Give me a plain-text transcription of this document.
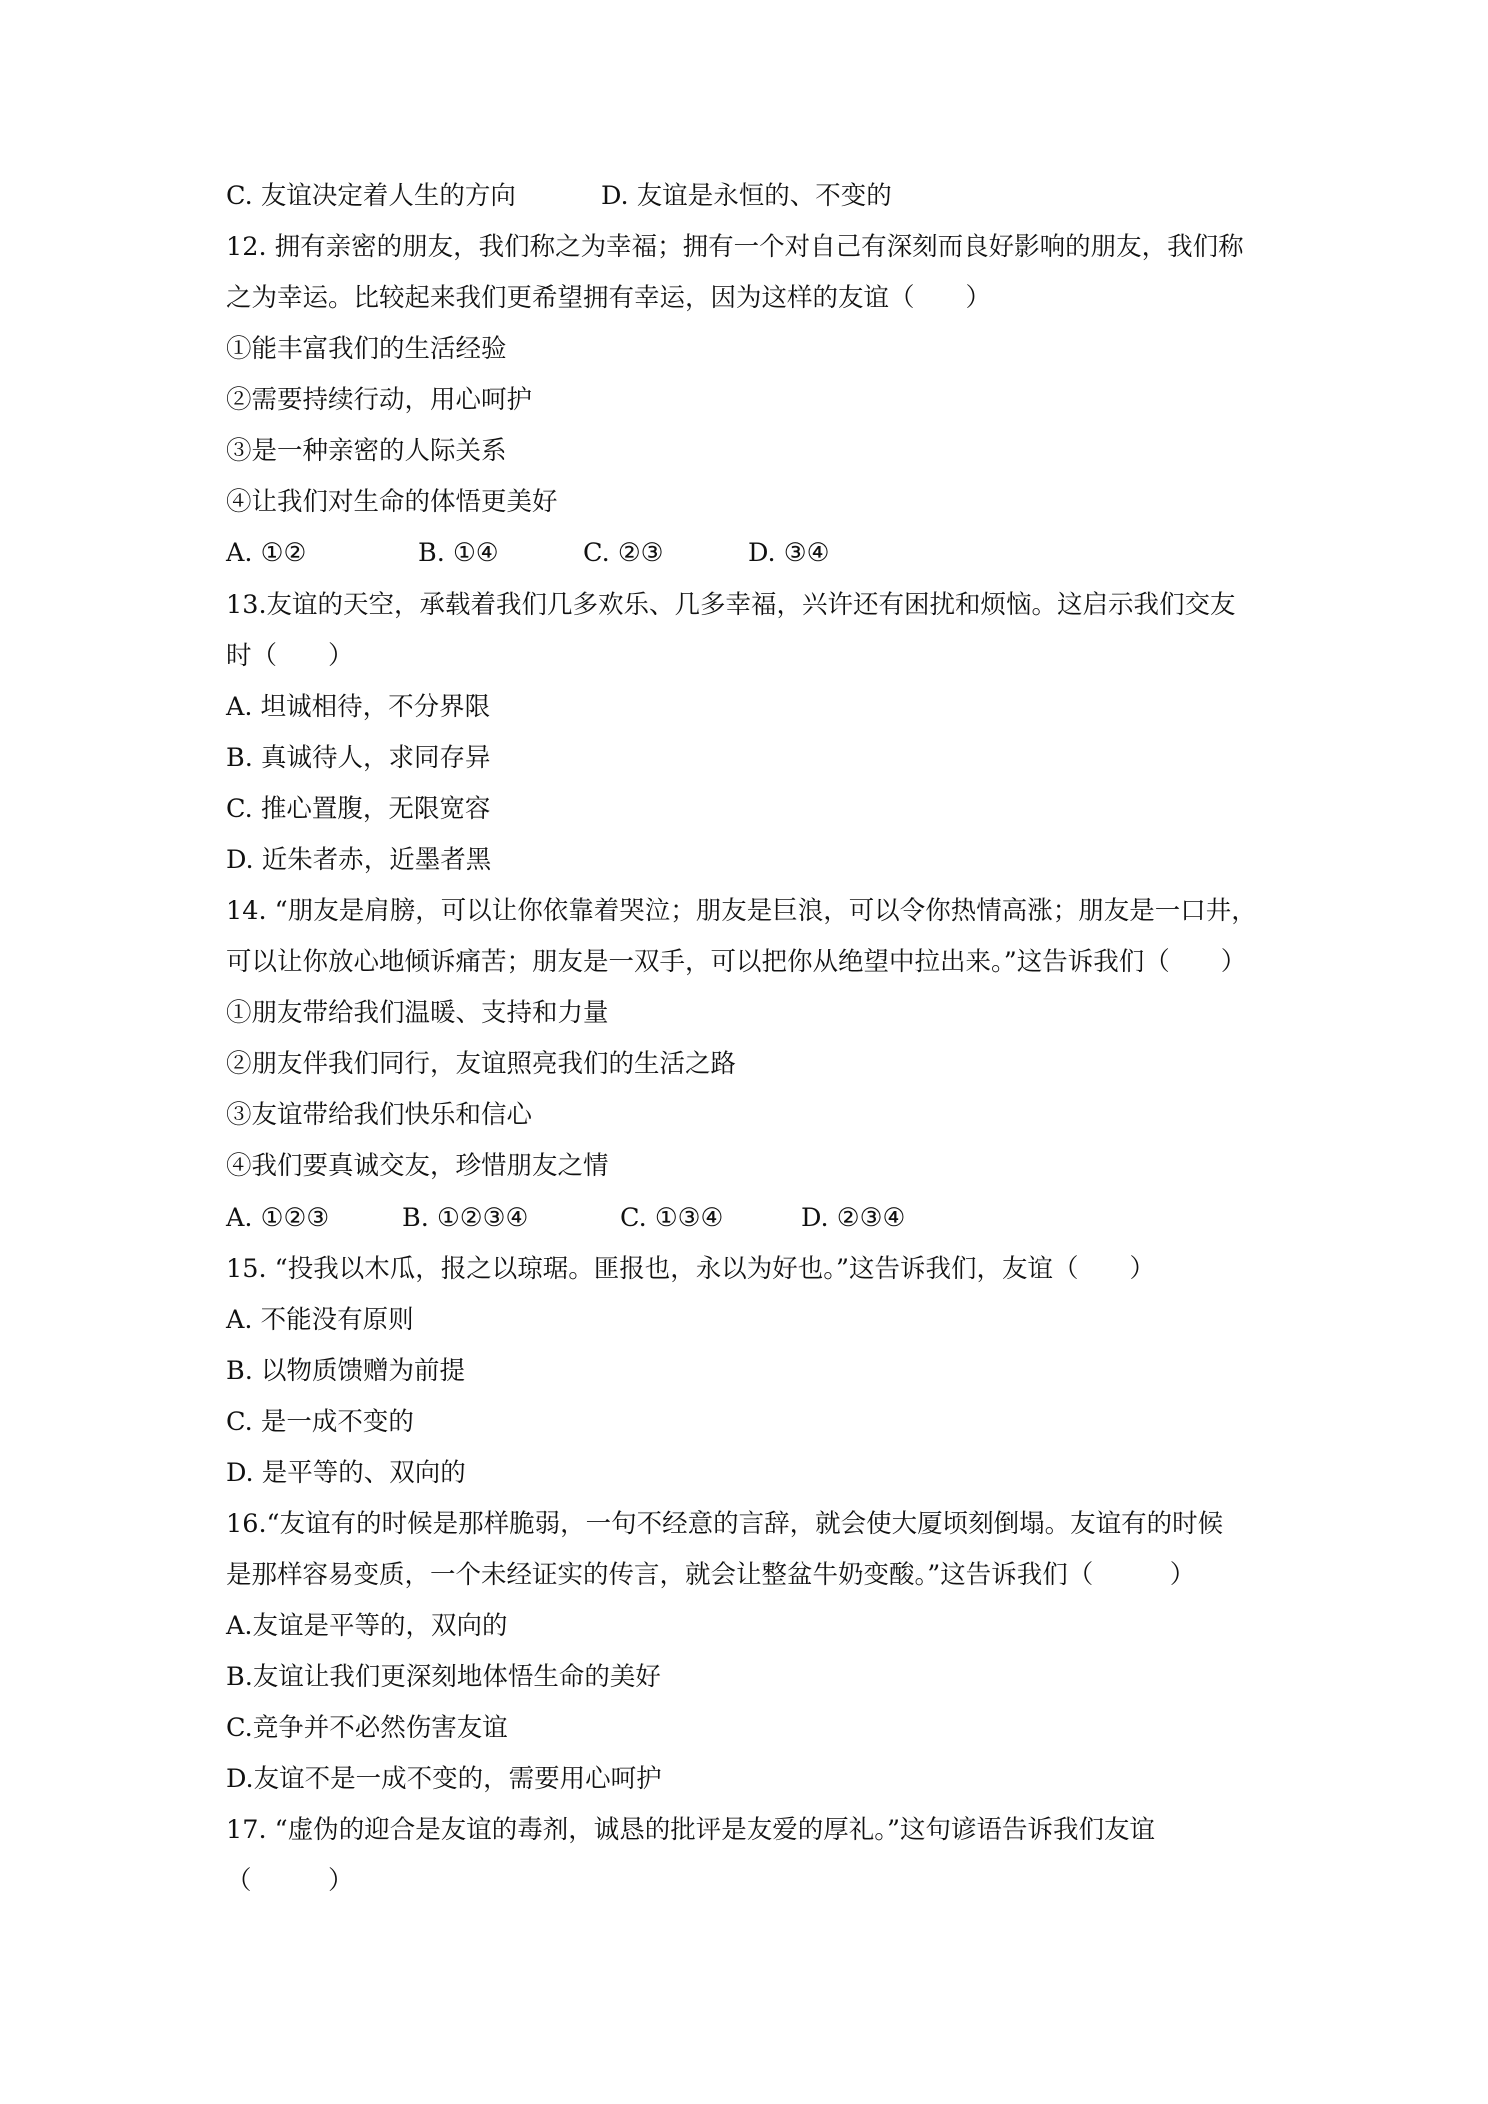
C. 友谊决定着人生的方向	D. 友谊是永恒的、不变的
12. 拥有亲密的朋友，我们称之为幸福；拥有一个对自己有深刻而良好影响的朋友，我们称
之为幸运。比较起来我们更希望拥有幸运，因为这样的友谊（　　）
①能丰富我们的生活经验
②需要持续行动，用心呵护
③是一种亲密的人际关系
④让我们对生命的体悟更美好
A. ①②	B. ①④	C. ②③	D. ③④
13.友谊的天空，承载着我们几多欢乐、几多幸福，兴许还有困扰和烦恼。这启示我们交友
时（　　）
A. 坦诚相待，不分界限
B. 真诚待人，求同存异
C. 推心置腹，无限宽容
D. 近朱者赤，近墨者黑
14. “朋友是肩膀，可以让你依靠着哭泣；朋友是巨浪，可以令你热情高涨；朋友是一口井，
可以让你放心地倾诉痛苦；朋友是一双手，可以把你从绝望中拉出来。”这告诉我们（　　）
①朋友带给我们温暖、支持和力量
②朋友伴我们同行，友谊照亮我们的生活之路
③友谊带给我们快乐和信心
④我们要真诚交友，珍惜朋友之情
A. ①②③	B. ①②③④	C. ①③④	D. ②③④
15. “投我以木瓜，报之以琼琚。匪报也，永以为好也。”这告诉我们，友谊（　　）
A. 不能没有原则
B. 以物质馈赠为前提
C. 是一成不变的
D. 是平等的、双向的
16.“友谊有的时候是那样脆弱，一句不经意的言辞，就会使大厦顷刻倒塌。友谊有的时候
是那样容易变质，一个未经证实的传言，就会让整盆牛奶变酸。”这告诉我们（　　　）
A.友谊是平等的，双向的
B.友谊让我们更深刻地体悟生命的美好
C.竞争并不必然伤害友谊
D.友谊不是一成不变的，需要用心呵护
17. “虚伪的迎合是友谊的毒剂，诚恳的批评是友爱的厚礼。”这句谚语告诉我们友谊
（　　　）
